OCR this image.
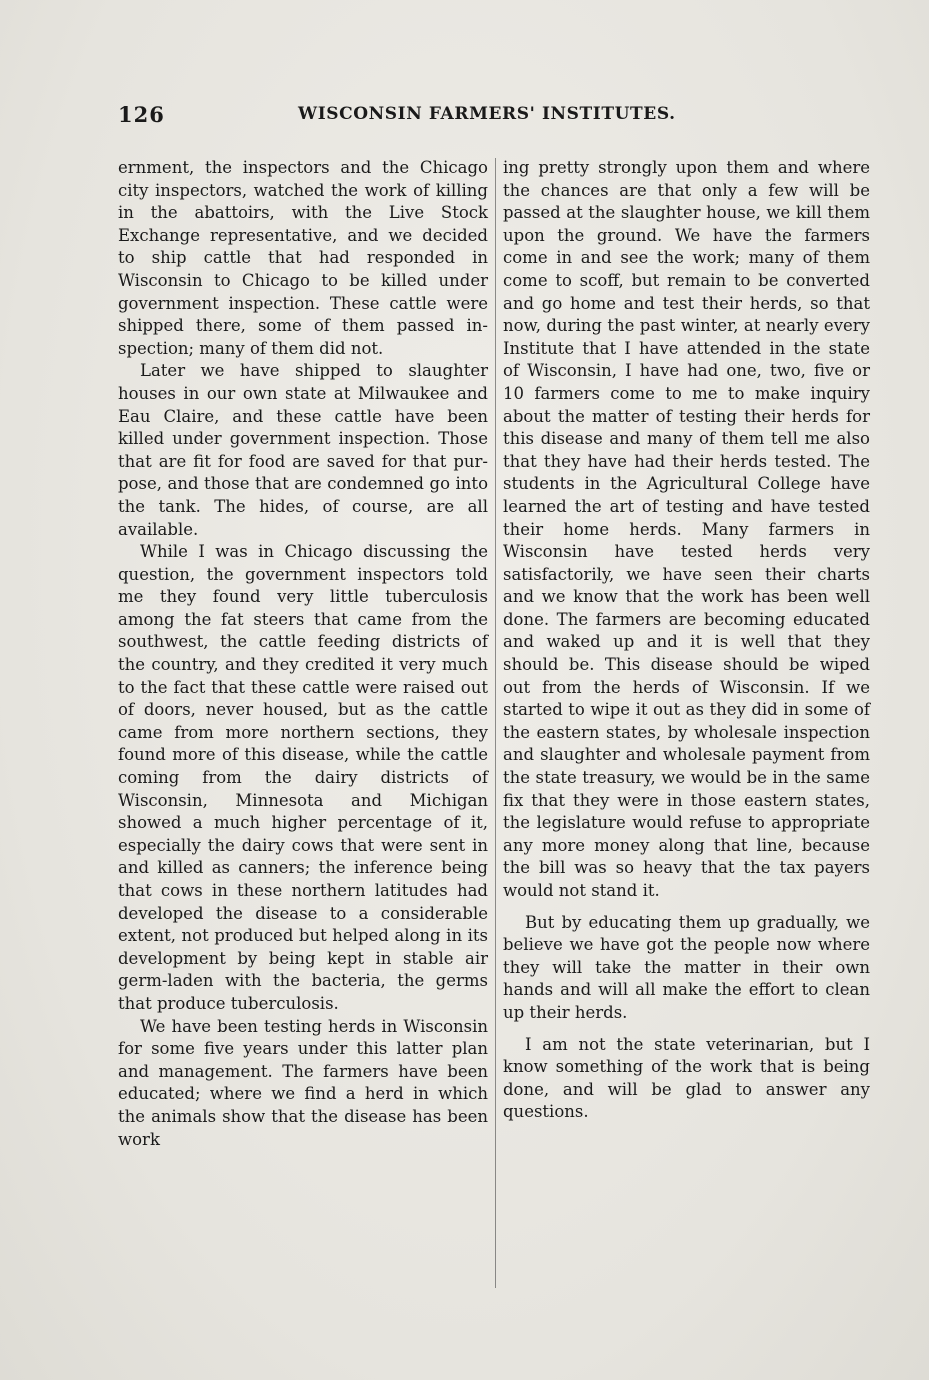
126	WISCONSIN FARMERS' INSTITUTES.

ernment, the inspectors and the Chicago city inspectors, watched the work of killing in the abattoirs, with the Live Stock Exchange representative, and we decided to ship cattle that had responded in Wisconsin to Chicago to be killed under government inspection. These cattle were shipped there, some of them passed inspection; many of them did not.

Later we have shipped to slaughter houses in our own state at Milwaukee and Eau Claire, and these cattle have been killed under government inspection. Those that are fit for food are saved for that purpose, and those that are condemned go into the tank. The hides, of course, are all available.

While I was in Chicago discussing the question, the government inspectors told me they found very little tuberculosis among the fat steers that came from the southwest, the cattle feeding districts of the country, and they credited it very much to the fact that these cattle were raised out of doors, never housed, but as the cattle came from more northern sections, they found more of this disease, while the cattle coming from the dairy districts of Wisconsin, Minnesota and Michigan showed a much higher percentage of it, especially the dairy cows that were sent in and killed as canners; the inference being that cows in these northern latitudes had developed the disease to a considerable extent, not produced but helped along in its development by being kept in stable air germ-laden with the bacteria, the germs that produce tuberculosis.

We have been testing herds in Wisconsin for some five years under this latter plan and management. The farmers have been educated; where we find a herd in which the animals show that the disease has been work

ing pretty strongly upon them and where the chances are that only a few will be passed at the slaughter house, we kill them upon the ground. We have the farmers come in and see the work; many of them come to scoff, but remain to be converted and go home and test their herds, so that now, during the past winter, at nearly every Institute that I have attended in the state of Wisconsin, I have had one, two, five or 10 farmers come to me to make inquiry about the matter of testing their herds for this disease and many of them tell me also that they have had their herds tested. The students in the Agricultural College have learned the art of testing and have tested their home herds. Many farmers in Wisconsin have tested herds very satisfactorily, we have seen their charts and we know that the work has been well done. The farmers are becoming educated and waked up and it is well that they should be. This disease should be wiped out from the herds of Wisconsin. If we started to wipe it out as they did in some of the eastern states, by wholesale inspection and slaughter and wholesale payment from the state treasury, we would be in the same fix that they were in those eastern states, the legislature would refuse to appropriate any more money along that line, because the bill was so heavy that the tax payers would not stand it.

But by educating them up gradually, we believe we have got the people now where they will take the matter in their own hands and will all make the effort to clean up their herds.

I am not the state veterinarian, but I know something of the work that is being done, and will be glad to answer any questions.
